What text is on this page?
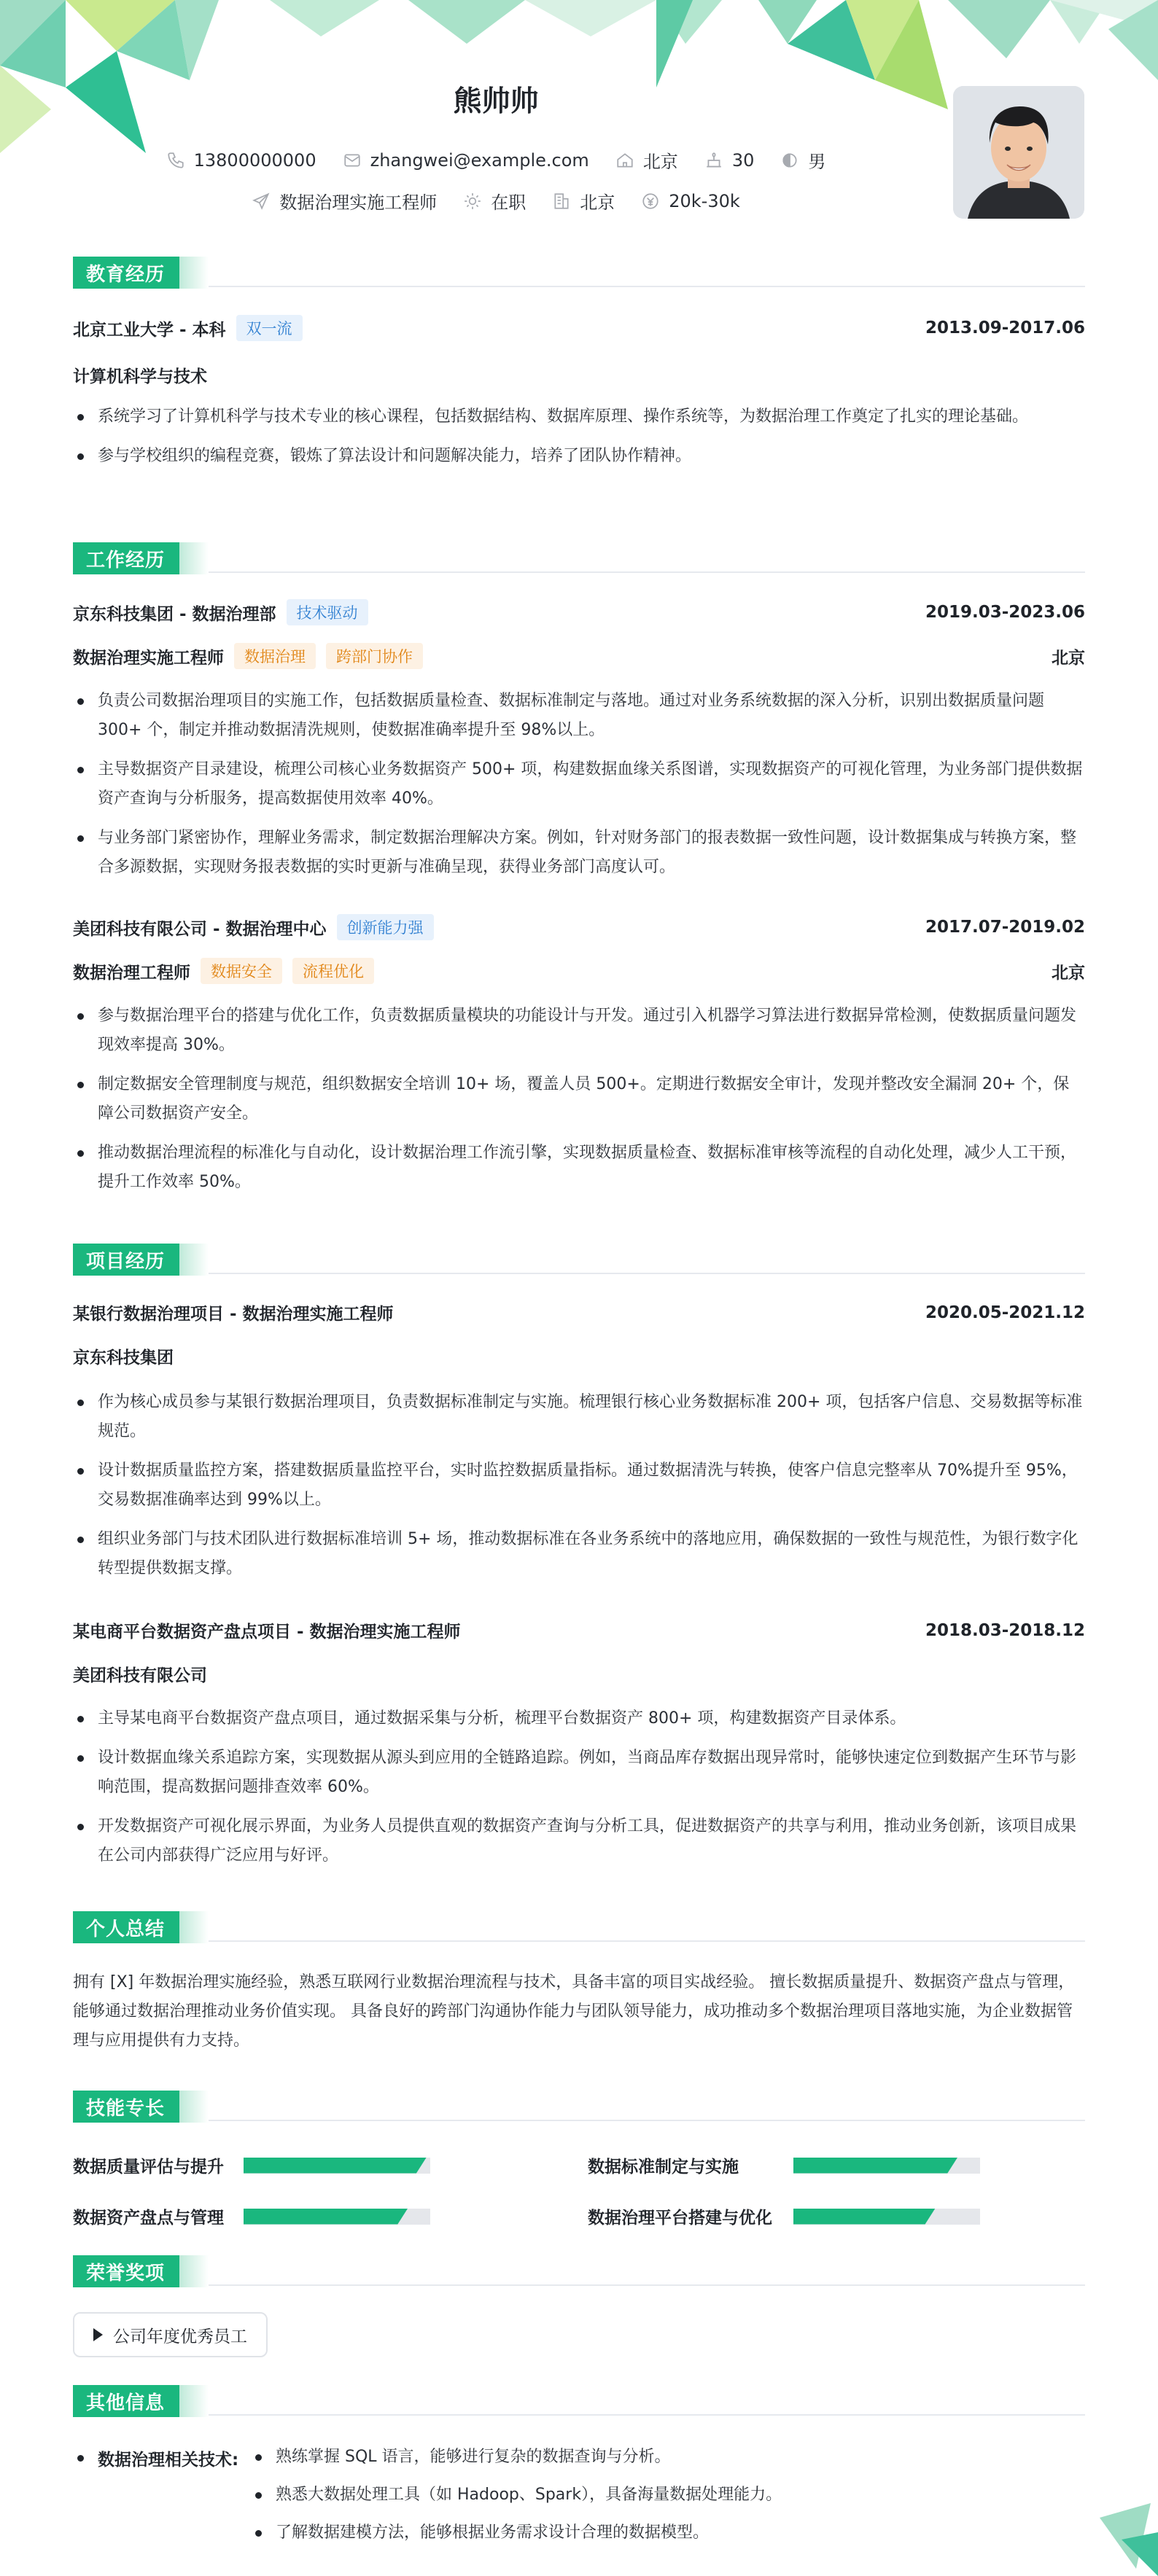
熊帅帅
13800000000	zhangwei@example.com	北京	30	男
数据治理实施工程师	在职	北京	20k-30k
教育经历
北京工业大学 - 本科	双一流	2013.09-2017.06
计算机科学与技术
系统学习了计算机科学与技术专业的核心课程，包括数据结构、数据库原理、操作系统等，为数据治理工作奠定了扎实的理论基础。
参与学校组织的编程竞赛，锻炼了算法设计和问题解决能力，培养了团队协作精神。
工作经历
京东科技集团 - 数据治理部	技术驱动	2019.03-2023.06
数据治理实施工程师	数据治理	跨部门协作	北京
负责公司数据治理项目的实施工作，包括数据质量检查、数据标准制定与落地。通过对业务系统数据的深入分析，识别出数据质量问题 300+ 个，制定并推动数据清洗规则，使数据准确率提升至 98%以上。
主导数据资产目录建设，梳理公司核心业务数据资产 500+ 项，构建数据血缘关系图谱，实现数据资产的可视化管理，为业务部门提供数据资产查询与分析服务，提高数据使用效率 40%。
与业务部门紧密协作，理解业务需求，制定数据治理解决方案。例如，针对财务部门的报表数据一致性问题，设计数据集成与转换方案，整合多源数据，实现财务报表数据的实时更新与准确呈现，获得业务部门高度认可。
美团科技有限公司 - 数据治理中心	创新能力强	2017.07-2019.02
数据治理工程师	数据安全	流程优化	北京
参与数据治理平台的搭建与优化工作，负责数据质量模块的功能设计与开发。通过引入机器学习算法进行数据异常检测，使数据质量问题发现效率提高 30%。
制定数据安全管理制度与规范，组织数据安全培训 10+ 场，覆盖人员 500+。定期进行数据安全审计，发现并整改安全漏洞 20+ 个，保障公司数据资产安全。
推动数据治理流程的标准化与自动化，设计数据治理工作流引擎，实现数据质量检查、数据标准审核等流程的自动化处理，减少人工干预，提升工作效率 50%。
项目经历
某银行数据治理项目 - 数据治理实施工程师	2020.05-2021.12
京东科技集团
作为核心成员参与某银行数据治理项目，负责数据标准制定与实施。梳理银行核心业务数据标准 200+ 项，包括客户信息、交易数据等标准规范。
设计数据质量监控方案，搭建数据质量监控平台，实时监控数据质量指标。通过数据清洗与转换，使客户信息完整率从 70%提升至 95%，交易数据准确率达到 99%以上。
组织业务部门与技术团队进行数据标准培训 5+ 场，推动数据标准在各业务系统中的落地应用，确保数据的一致性与规范性，为银行数字化转型提供数据支撑。
某电商平台数据资产盘点项目 - 数据治理实施工程师	2018.03-2018.12
美团科技有限公司
主导某电商平台数据资产盘点项目，通过数据采集与分析，梳理平台数据资产 800+ 项，构建数据资产目录体系。
设计数据血缘关系追踪方案，实现数据从源头到应用的全链路追踪。例如，当商品库存数据出现异常时，能够快速定位到数据产生环节与影响范围，提高数据问题排查效率 60%。
开发数据资产可视化展示界面，为业务人员提供直观的数据资产查询与分析工具，促进数据资产的共享与利用，推动业务创新，该项目成果在公司内部获得广泛应用与好评。
个人总结
拥有 [X] 年数据治理实施经验，熟悉互联网行业数据治理流程与技术，具备丰富的项目实战经验。 擅长数据质量提升、数据资产盘点与管理，能够通过数据治理推动业务价值实现。 具备良好的跨部门沟通协作能力与团队领导能力，成功推动多个数据治理项目落地实施，为企业数据管理与应用提供有力支持。
技能专长
数据质量评估与提升	数据标准制定与实施
数据资产盘点与管理	数据治理平台搭建与优化
荣誉奖项
公司年度优秀员工
其他信息
数据治理相关技术:	熟练掌握 SQL 语言，能够进行复杂的数据查询与分析。
熟悉大数据处理工具（如 Hadoop、Spark），具备海量数据处理能力。
了解数据建模方法，能够根据业务需求设计合理的数据模型。
